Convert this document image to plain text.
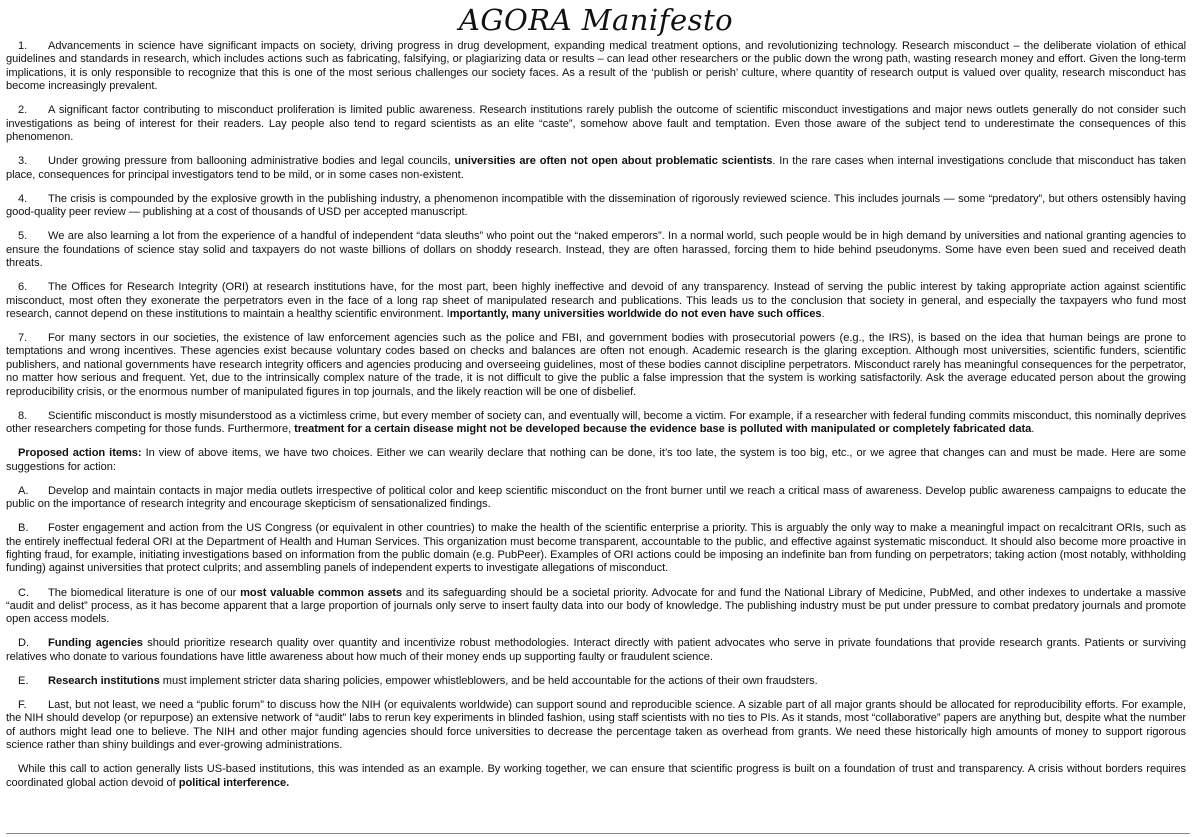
AGORA Manifesto

1. Advancements in science have significant impacts on society, driving progress in drug development, expanding medical treatment options, and revolutionizing technology. Research misconduct – the deliberate violation of ethical guidelines and standards in research, which includes actions such as fabricating, falsifying, or plagiarizing data or results – can lead other researchers or the public down the wrong path, wasting research money and effort. Given the long-term implications, it is only responsible to recognize that this is one of the most serious challenges our society faces. As a result of the ‘publish or perish’ culture, where quantity of research output is valued over quality, research misconduct has become increasingly prevalent.

2. A significant factor contributing to misconduct proliferation is limited public awareness. Research institutions rarely publish the outcome of scientific misconduct investigations and major news outlets generally do not consider such investigations as being of interest for their readers. Lay people also tend to regard scientists as an elite “caste”, somehow above fault and temptation. Even those aware of the subject tend to underestimate the consequences of this phenomenon.

3. Under growing pressure from ballooning administrative bodies and legal councils, universities are often not open about problematic scientists. In the rare cases when internal investigations conclude that misconduct has taken place, consequences for principal investigators tend to be mild, or in some cases non-existent.

4. The crisis is compounded by the explosive growth in the publishing industry, a phenomenon incompatible with the dissemination of rigorously reviewed science. This includes journals — some “predatory”, but others ostensibly having good-quality peer review — publishing at a cost of thousands of USD per accepted manuscript.

5. We are also learning a lot from the experience of a handful of independent “data sleuths” who point out the “naked emperors”. In a normal world, such people would be in high demand by universities and national granting agencies to ensure the foundations of science stay solid and taxpayers do not waste billions of dollars on shoddy research. Instead, they are often harassed, forcing them to hide behind pseudonyms. Some have even been sued and received death threats.

6. The Offices for Research Integrity (ORI) at research institutions have, for the most part, been highly ineffective and devoid of any transparency. Instead of serving the public interest by taking appropriate action against scientific misconduct, most often they exonerate the perpetrators even in the face of a long rap sheet of manipulated research and publications. This leads us to the conclusion that society in general, and especially the taxpayers who fund most research, cannot depend on these institutions to maintain a healthy scientific environment. Importantly, many universities worldwide do not even have such offices.

7. For many sectors in our societies, the existence of law enforcement agencies such as the police and FBI, and government bodies with prosecutorial powers (e.g., the IRS), is based on the idea that human beings are prone to temptations and wrong incentives. These agencies exist because voluntary codes based on checks and balances are often not enough. Academic research is the glaring exception. Although most universities, scientific funders, scientific publishers, and national governments have research integrity officers and agencies producing and overseeing guidelines, most of these bodies cannot discipline perpetrators. Misconduct rarely has meaningful consequences for the perpetrator, no matter how serious and frequent. Yet, due to the intrinsically complex nature of the trade, it is not difficult to give the public a false impression that the system is working satisfactorily. Ask the average educated person about the growing reproducibility crisis, or the enormous number of manipulated figures in top journals, and the likely reaction will be one of disbelief.

8. Scientific misconduct is mostly misunderstood as a victimless crime, but every member of society can, and eventually will, become a victim. For example, if a researcher with federal funding commits misconduct, this nominally deprives other researchers competing for those funds. Furthermore, treatment for a certain disease might not be developed because the evidence base is polluted with manipulated or completely fabricated data.

Proposed action items: In view of above items, we have two choices. Either we can wearily declare that nothing can be done, it’s too late, the system is too big, etc., or we agree that changes can and must be made. Here are some suggestions for action:

A. Develop and maintain contacts in major media outlets irrespective of political color and keep scientific misconduct on the front burner until we reach a critical mass of awareness. Develop public awareness campaigns to educate the public on the importance of research integrity and encourage skepticism of sensationalized findings.

B. Foster engagement and action from the US Congress (or equivalent in other countries) to make the health of the scientific enterprise a priority. This is arguably the only way to make a meaningful impact on recalcitrant ORIs, such as the entirely ineffectual federal ORI at the Department of Health and Human Services. This organization must become transparent, accountable to the public, and effective against systematic misconduct. It should also become more proactive in fighting fraud, for example, initiating investigations based on information from the public domain (e.g. PubPeer). Examples of ORI actions could be imposing an indefinite ban from funding on perpetrators; taking action (most notably, withholding funding) against universities that protect culprits; and assembling panels of independent experts to investigate allegations of misconduct.

C. The biomedical literature is one of our most valuable common assets and its safeguarding should be a societal priority. Advocate for and fund the National Library of Medicine, PubMed, and other indexes to undertake a massive “audit and delist” process, as it has become apparent that a large proportion of journals only serve to insert faulty data into our body of knowledge. The publishing industry must be put under pressure to combat predatory journals and promote open access models.

D. Funding agencies should prioritize research quality over quantity and incentivize robust methodologies. Interact directly with patient advocates who serve in private foundations that provide research grants. Patients or surviving relatives who donate to various foundations have little awareness about how much of their money ends up supporting faulty or fraudulent science.

E. Research institutions must implement stricter data sharing policies, empower whistleblowers, and be held accountable for the actions of their own fraudsters.

F. Last, but not least, we need a “public forum” to discuss how the NIH (or equivalents worldwide) can support sound and reproducible science. A sizable part of all major grants should be allocated for reproducibility efforts. For example, the NIH should develop (or repurpose) an extensive network of “audit” labs to rerun key experiments in blinded fashion, using staff scientists with no ties to PIs. As it stands, most “collaborative” papers are anything but, despite what the number of authors might lead one to believe. The NIH and other major funding agencies should force universities to decrease the percentage taken as overhead from grants. We need these historically high amounts of money to support rigorous science rather than shiny buildings and ever-growing administrations.

While this call to action generally lists US-based institutions, this was intended as an example. By working together, we can ensure that scientific progress is built on a foundation of trust and transparency. A crisis without borders requires coordinated global action devoid of political interference.
